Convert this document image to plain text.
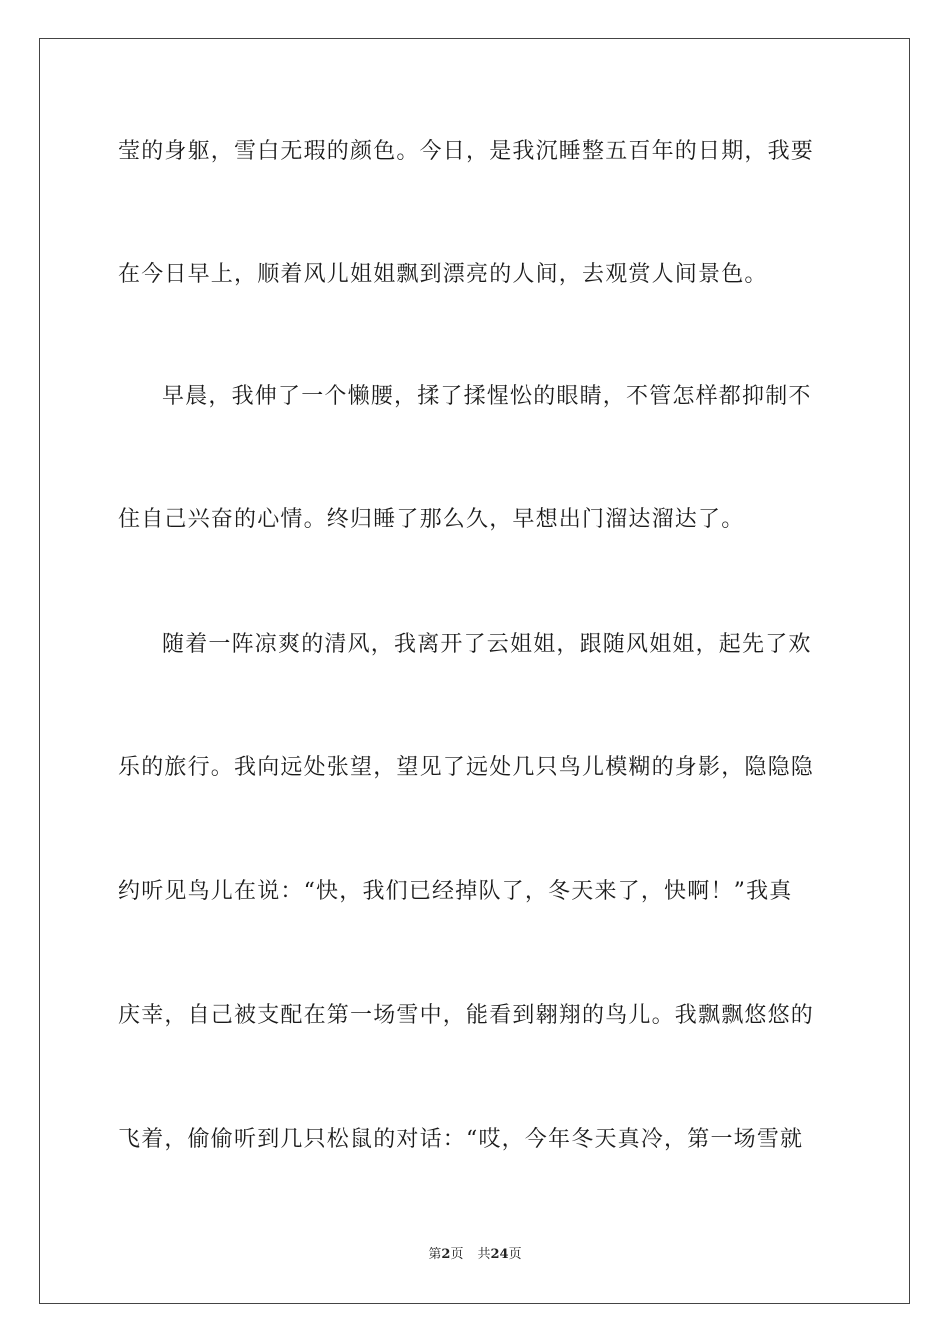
莹的身躯，雪白无瑕的颜色。今日，是我沉睡整五百年的日期，我要
在今日早上，顺着风儿姐姐飘到漂亮的人间，去观赏人间景色。
早晨，我伸了一个懒腰，揉了揉惺忪的眼睛，不管怎样都抑制不
住自己兴奋的心情。终归睡了那么久，早想出门溜达溜达了。
随着一阵凉爽的清风，我离开了云姐姐，跟随风姐姐，起先了欢
乐的旅行。我向远处张望，望见了远处几只鸟儿模糊的身影，隐隐隐
约听见鸟儿在说：“快，我们已经掉队了，冬天来了，快啊！”我真
庆幸，自己被支配在第一场雪中，能看到翱翔的鸟儿。我飘飘悠悠的
飞着，偷偷听到几只松鼠的对话：“哎，今年冬天真冷，第一场雪就
第2页 共24页
